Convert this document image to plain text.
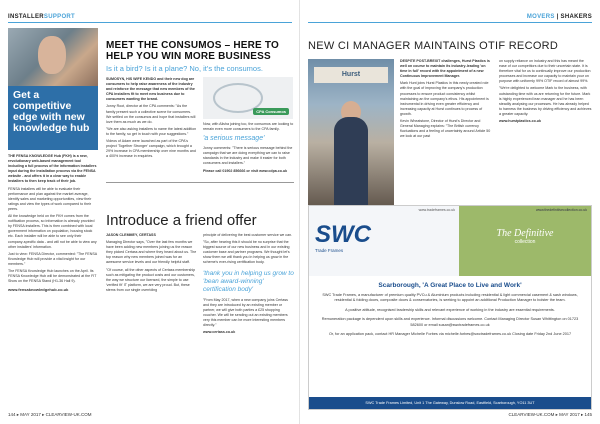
INSTALLERSUPPORT
Get a competitive edge with new knowledge hub

THE FENSA KNOWLEDGE Hub (FKH) is a new, revolutionary web-based management tool including a full process of the information installers input during the installation process via the FENSA website - and offers it in a clear way to enable installers to then keep track of their job.

FENSA installers will be able to evaluate their performance and plan against the market average, identify sales and marketing opportunities, view their ratings and view the types of work compared to their peers.

All the knowledge held on the FKH comes from the notification process, so information is already provided by FENSA installers. This is then combined with local government information on population, housing stock etc. Each installer will be able to see only their company-specific data - and will not be able to view any other installers' information.

Just to view: FENSA Director, commented: "The FENSA Knowledge Hub will provide a vital insight for our members."

The FENSA Knowledge Hub launches on the April. Its FENSA Knowledge Hub will be demonstrated at the FIT Show on the FENSA Stand (H1-36 Hall 9).

www.fensaknowledgehub.co.uk
MEET THE CONSUMOS – HERE TO HELP YOU WIN MORE BUSINESS
Is it a bird? Is it a plane? No, it's the consumos.

SUMOSYN, HIS WIFE KENDO and their new dog are consumers to help raise awareness of the industry and reinforce the message that new members of the CPA installers fit to meet new business due to consumers wanting the brand.

Jonny Root, director at the CPA comments: "As the family present such a collective scene for consumers. We settled on the consumos and hope that installers will love them as much as we do.

"We are also asking installers to name the latest addition to the family, so get in touch with your suggestions."

Videos of Adam were launched as part of the CPA's project 'Together Stronger' campaign, which brought a 29% increase in CPA membership over nine months and a 400% increase in enquiries.

CPA Consumos

Now, with Alisha joining too, the consumos are looking to remain even more consumers to the CPA family.

'a serious message'

Jonny comments: "There is serious message behind the campaign that we are doing everything we can to raise standards in the industry and make it easier for both consumers and installers."

Please call 01902 856666 or visit www.cdpa.co.uk

Introduce a friend offer

JASON CLEMMEY, CERTASS

Managing Director says, "Over the last few months we have been adding new members joining us the reason they picked Certass and where they heard about us. The top reason why new members joined was for an awesome service levels and our friendly helpful staff.

"Of course, all the other aspects of Certass membership such as mitigating the product costs and our customers, the way we structure our licensed, the simple to use 'verified fit' IT platform, we are very proud. But, these stems from our single overriding

principle of delivering the best customer service we can.

"So, after hearing this it should be no surprise that the biggest source of our new business and in our existing customer base and partner programs. We thought let's show them we will thank you in helping us grow in the scheme's ever-rising certification body.

'thank you in helping us grow to 'bean award-winning' certification body'

"From May 2017, when a new company joins Certass and they are introduced by an existing member or partner, we will give both parties a £25 shopping voucher. We will be sending out an existing members very this member can be more interesting members directly."

www.certass.co.uk

144 ▸ MAY 2017 ▸ CLEARVIEW-UK.COM
MOVERS | SHAKERS
NEW CI MANAGER MAINTAINS OTIF RECORD
Hurst

DESPITE POST-BREXIT challenges, Hurst Plastics is well on course to maintain its industry-leading 'on time in full' record with the appointment of a new Continuous Improvement Manager.

Mark Hunt joins Hurst Plastics in this newly created role with the goal of improving the company's production processes to ensure product consistency whilst maintaining an the company's ethos. His appointment is instrumental in driving even greater efficiency and increasing capacity at Hurst continues to process of growth.

Kevin Wheatstone, Director of Hurst's Director and General Managing explains: "The British currency fluctuations and a feeling of uncertainty around Article 50 we look at our past

on supply reliance on industry and this has meant the ease of our competitors due to their uncertain state. It is therefore vital for us to continually improve our production processes and increase our capacity to maintain your on purpose with uniformly 99% OTIF record of almost 99%.

"We're delighted to welcome Mark to the business, with outstanding time with us are returning for the future. Mark is highly experienced lean manager and he has been steadily analysing our processes. He has already helped to harness the business by driving efficiency and achieves a greater capacity.

www.hurstplastics.co.uk

www.tradeframes.co.uk
SWC
Trade Frames
www.thedefinitivecollection.co.uk
The Definitive
collection
Scarborough, 'A Great Place to Live and Work'

SWC Trade Frames, a manufacturer of premium quality PVCu & Aluminium products including residential & light commercial casement & sash windows, residential & folding doors, composite doors & conservatories, is seeking to appoint an additional Production Manager to bolster the team.

A positive attitude, recognised leadership skills and relevant experience of working in the industry are essential requirements.

Remuneration package is dependent upon skills and experience. Informal discussions welcome. Contact Managing Director Susan Whittington on 01723 582600 or email susan@swctradeframes.co.uk

Or, for an application pack, contact HR Manager Michelle Forbes via michelle.forbes@swctradeframes.co.uk Closing date Friday 2nd June 2017

SWC Trade Frames Limited, Unit 1 The Gateway, Dunslow Road, Eastfield, Scarborough, YO11 3UT
CLEARVIEW-UK.COM ▸ MAY 2017 ▸ 145
